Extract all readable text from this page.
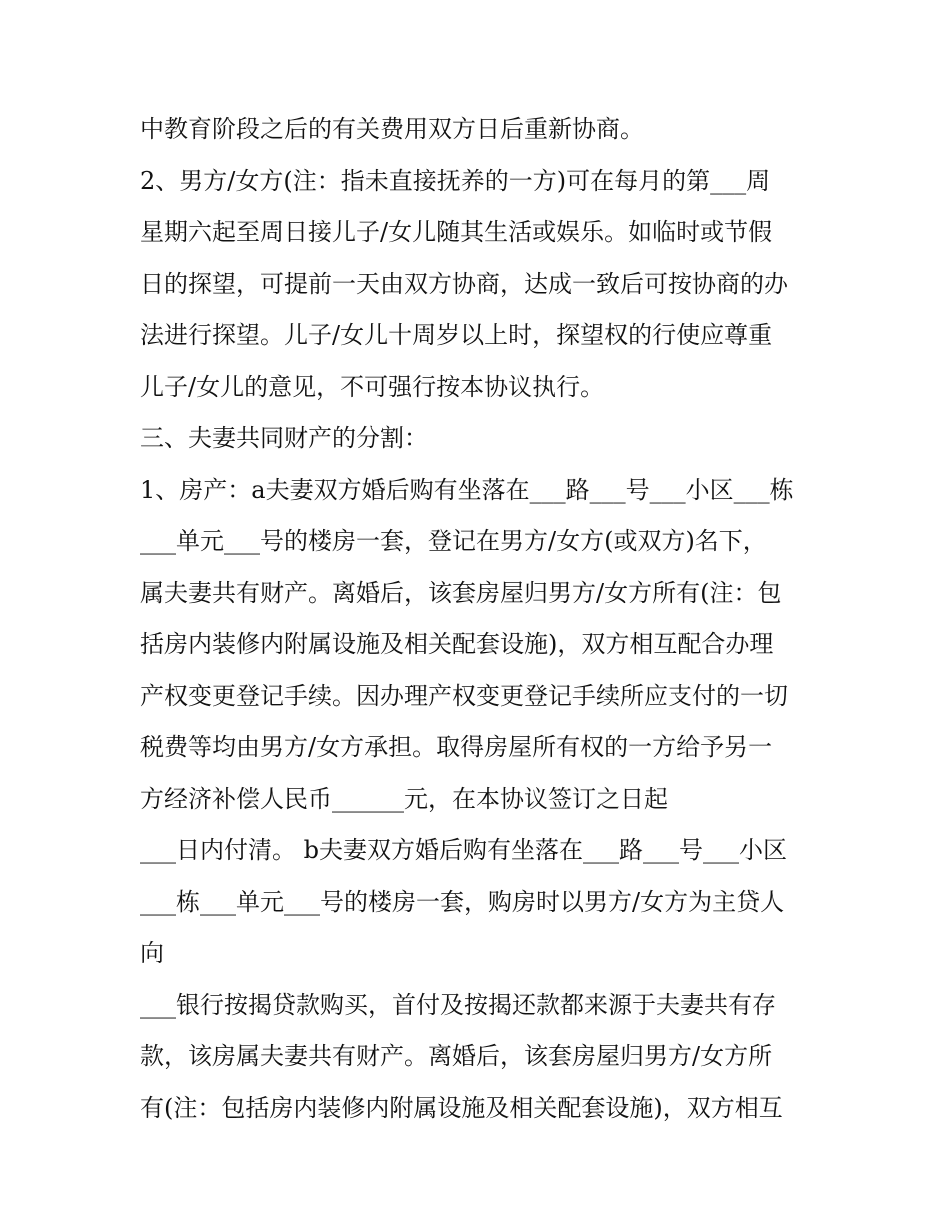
中教育阶段之后的有关费用双方日后重新协商。
2、男方/女方(注：指未直接抚养的一方)可在每月的第___周
星期六起至周日接儿子/女儿随其生活或娱乐。如临时或节假
日的探望，可提前一天由双方协商，达成一致后可按协商的办
法进行探望。儿子/女儿十周岁以上时，探望权的行使应尊重
儿子/女儿的意见，不可强行按本协议执行。
三、夫妻共同财产的分割：
1、房产：a夫妻双方婚后购有坐落在___路___号___小区___栋
___单元___号的楼房一套，登记在男方/女方(或双方)名下，
属夫妻共有财产。离婚后，该套房屋归男方/女方所有(注：包
括房内装修内附属设施及相关配套设施)，双方相互配合办理
产权变更登记手续。因办理产权变更登记手续所应支付的一切
税费等均由男方/女方承担。取得房屋所有权的一方给予另一
方经济补偿人民币______元，在本协议签订之日起
___日内付清。 b夫妻双方婚后购有坐落在___路___号___小区
___栋___单元___号的楼房一套，购房时以男方/女方为主贷人
向
___银行按揭贷款购买，首付及按揭还款都来源于夫妻共有存
款，该房属夫妻共有财产。离婚后，该套房屋归男方/女方所
有(注：包括房内装修内附属设施及相关配套设施)，双方相互
